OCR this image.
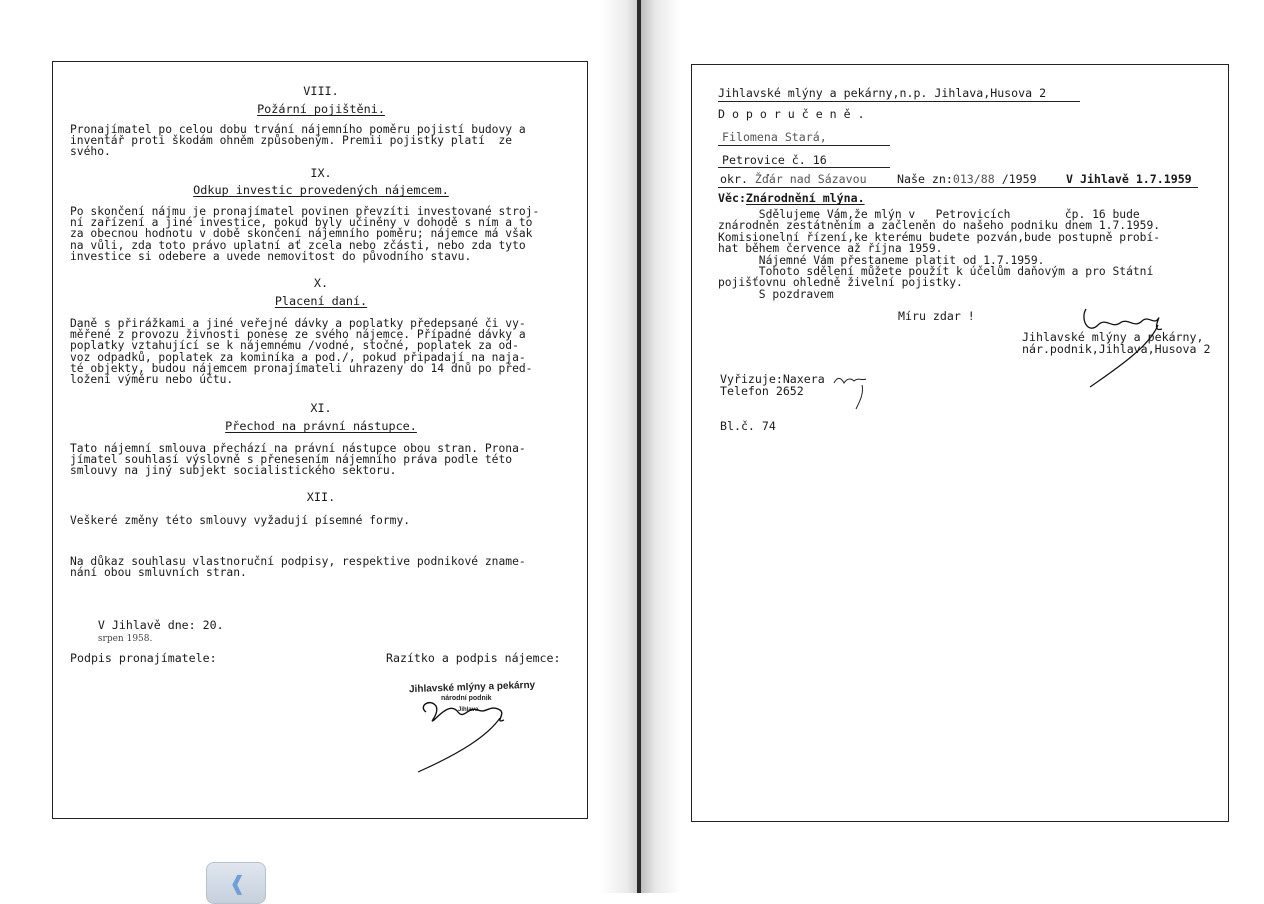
VIII.
Požární pojištěni.
Pronajímatel po celou dobu trvání nájemního poměru pojistí budovy a
inventář proti škodám ohněm způsobeným. Premii pojistky platí  ze
svého.
IX.
Odkup investic provedených nájemcem.
Po skončení nájmu je pronajímatel povinen převzíti investované stroj-
ní zařízení a jiné investice, pokud byly učiněny v dohodě s ním a to
za obecnou hodnotu v době skončení nájemního poměru; nájemce má však
na vůli, zda toto právo uplatní ať zcela nebo zčásti, nebo zda tyto
investice si odebere a uvede nemovitost do původního stavu.
X.
Placení daní.
Daně s přirážkami a jiné veřejné dávky a poplatky předepsané či vy-
měřené z provozu živnosti ponese ze svého nájemce. Případné dávky a
poplatky vztahující se k nájemnému /vodné, stočné, poplatek za od-
voz odpadků, poplatek za kominíka a pod./, pokud připadají na najа-
té objekty, budou nájemcem pronajímateli uhrazeny do 14 dnů po před-
ložení výměru nebo účtu.
XI.
Přechod na právní nástupce.
Tato nájemní smlouva přechází na právní nástupce obou stran. Prona-
jímatel souhlasí výslovně s přenesením nájemního práva podle této
smlouvy na jiný subjekt socialistického sektoru.
XII.
Veškeré změny této smlouvy vyžadují písemné formy.
Na důkaz souhlasu vlastnoruční podpisy, respektive podnikové znamе-
nání obou smluvních stran.

V Jihlavě dne: 20.
srpen 1958.

Podpis pronajímatele:	Razítko a podpis nájemce:
Jihlavské mlýny a pekárny
národní podnik
Jihlava
Jihlavské mlýny a pekárny,n.p. Jihlava,Husova 2
D o p o r u č e n ě .
Filomena Stará,
Petrovice č. 16
okr. Žďár nad Sázavou	Naše zn:013/88 /1959	V Jihlavě 1.7.1959
Věc:Znárodnění mlýna.
Sdělujeme Vám,že mlýn v   Petrovicích        čp. 16 bude
znárodněn zestátněním a začleněn do našeho podniku dnem 1.7.1959.
Komisionelní řízení,ke kterému budete pozván,bude postupně probí-
hat během července až října 1959.
Nájemné Vám přestaneme platit od 1.7.1959.
Tohoto sdělení můžete použít k účelům daňovým a pro Státní
pojišťovnu ohledně živelní pojistky.
S pozdravem
Míru zdar !
Jihlavské mlýny a pekárny,
nár.podnik,Jihlava,Husova 2
Vyřizuje:Naxera
Telefon 2652
Bl.č. 74
❰
